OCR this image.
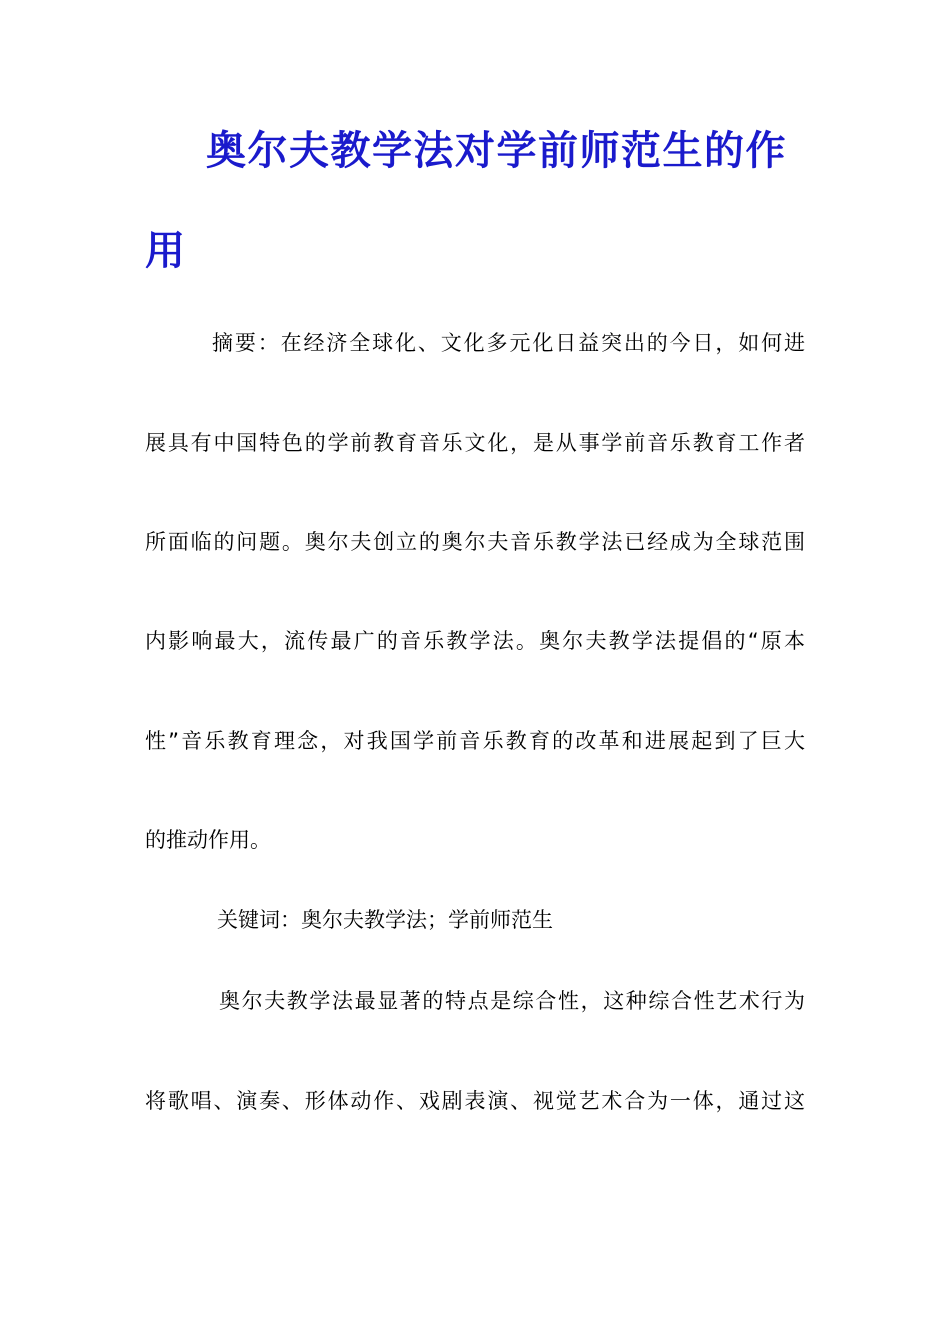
奥尔夫教学法对学前师范生的作
用
摘要：在经济全球化、文化多元化日益突出的今日，如何进
展具有中国特色的学前教育音乐文化，是从事学前音乐教育工作者
所面临的问题。奥尔夫创立的奥尔夫音乐教学法已经成为全球范围
内影响最大，流传最广的音乐教学法。奥尔夫教学法提倡的“原本
性”音乐教育理念，对我国学前音乐教育的改革和进展起到了巨大
的推动作用。
关键词：奥尔夫教学法；学前师范生
奥尔夫教学法最显著的特点是综合性，这种综合性艺术行为
将歌唱、演奏、形体动作、戏剧表演、视觉艺术合为一体，通过这
